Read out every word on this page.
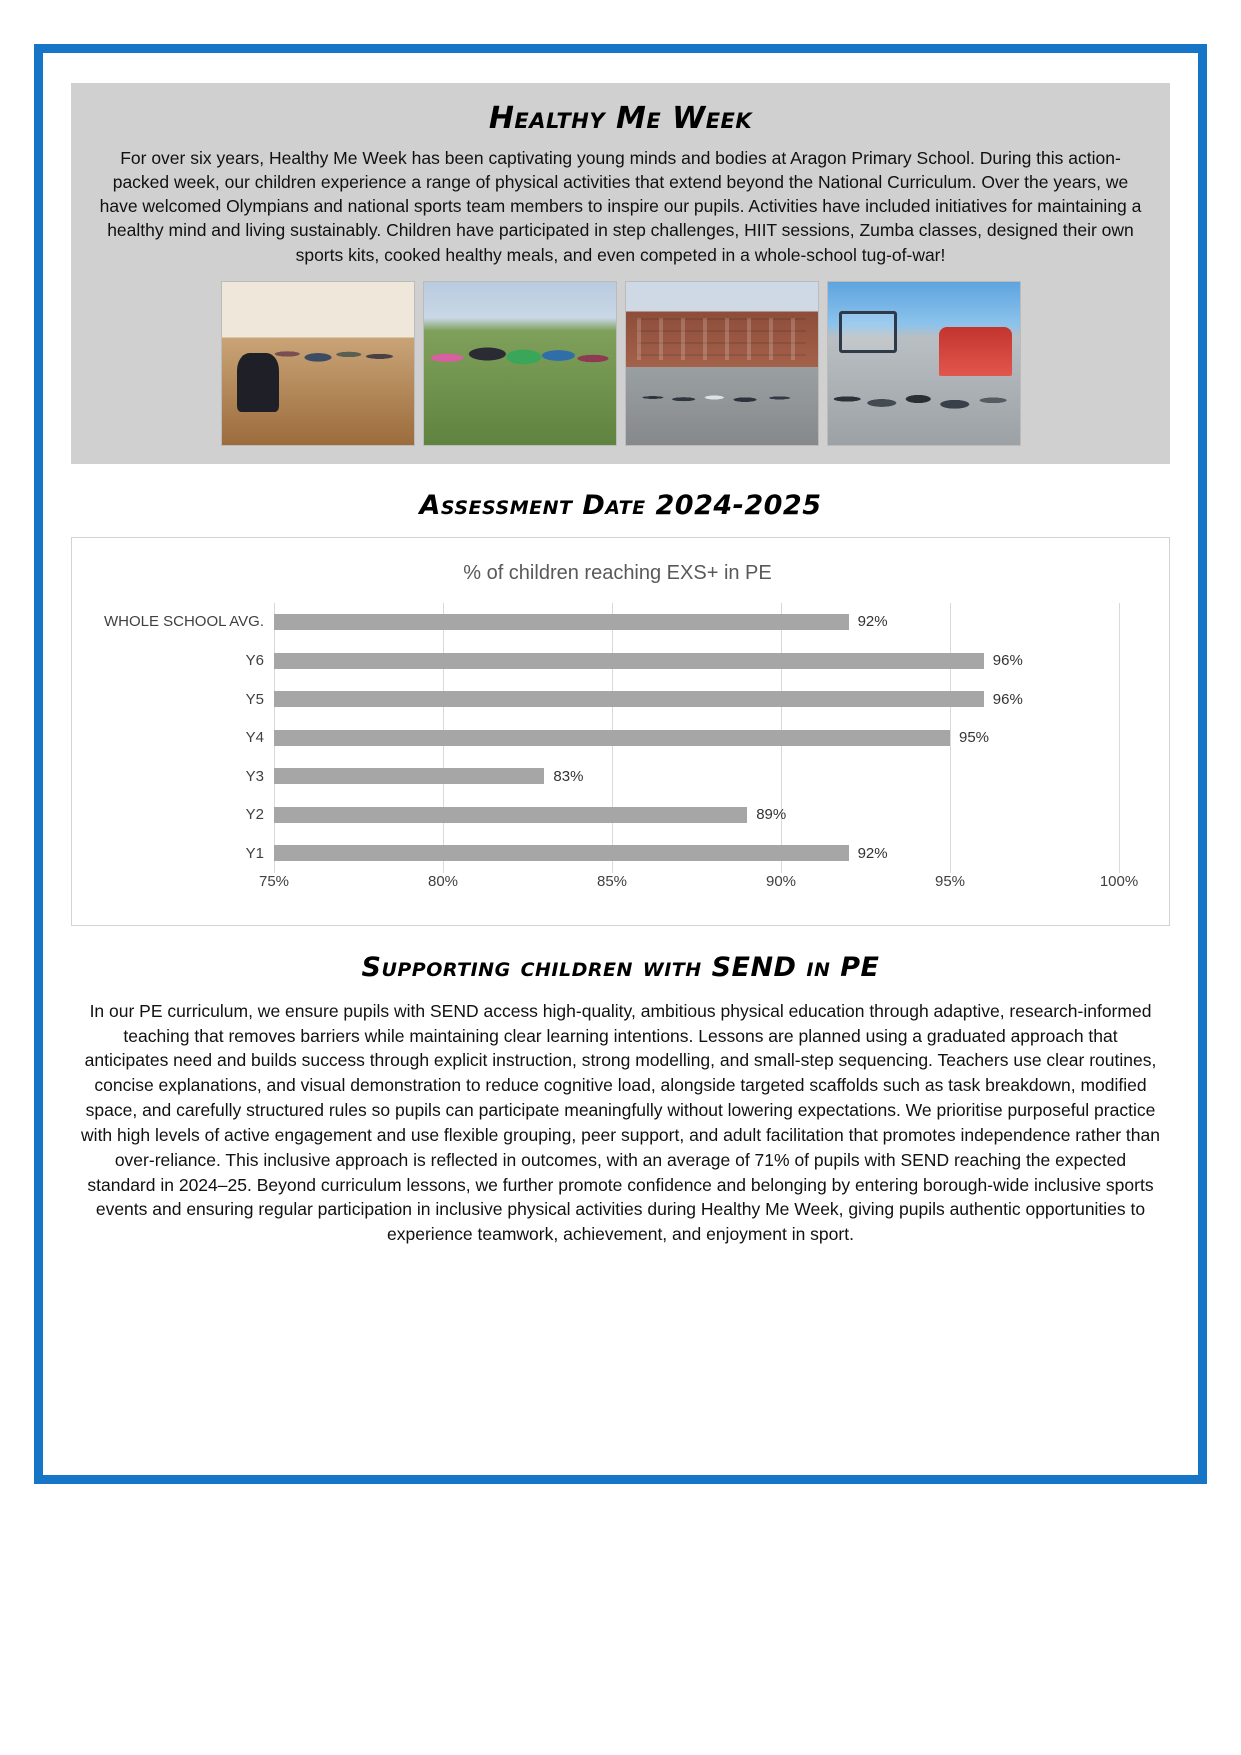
Healthy Me Week

For over six years, Healthy Me Week has been captivating young minds and bodies at Aragon Primary School. During this action-packed week, our children experience a range of physical activities that extend beyond the National Curriculum. Over the years, we have welcomed Olympians and national sports team members to inspire our pupils. Activities have included initiatives for maintaining a healthy mind and living sustainably. Children have participated in step challenges, HIIT sessions, Zumba classes, designed their own sports kits, cooked healthy meals, and even competed in a whole-school tug-of-war!

Assessment Date 2024-2025
% of children reaching EXS+ in PE
WHOLE SCHOOL AVG.	92%
Y6	96%
Y5	96%
Y4	95%
Y3	83%
Y2	89%
Y1	92%
75%	80%	85%	90%	95%	100%
Supporting children with SEND in PE

In our PE curriculum, we ensure pupils with SEND access high-quality, ambitious physical education through adaptive, research-informed teaching that removes barriers while maintaining clear learning intentions. Lessons are planned using a graduated approach that anticipates need and builds success through explicit instruction, strong modelling, and small-step sequencing. Teachers use clear routines, concise explanations, and visual demonstration to reduce cognitive load, alongside targeted scaffolds such as task breakdown, modified space, and carefully structured rules so pupils can participate meaningfully without lowering expectations. We prioritise purposeful practice with high levels of active engagement and use flexible grouping, peer support, and adult facilitation that promotes independence rather than over-reliance. This inclusive approach is reflected in outcomes, with an average of 71% of pupils with SEND reaching the expected standard in 2024–25. Beyond curriculum lessons, we further promote confidence and belonging by entering borough-wide inclusive sports events and ensuring regular participation in inclusive physical activities during Healthy Me Week, giving pupils authentic opportunities to experience teamwork, achievement, and enjoyment in sport.
